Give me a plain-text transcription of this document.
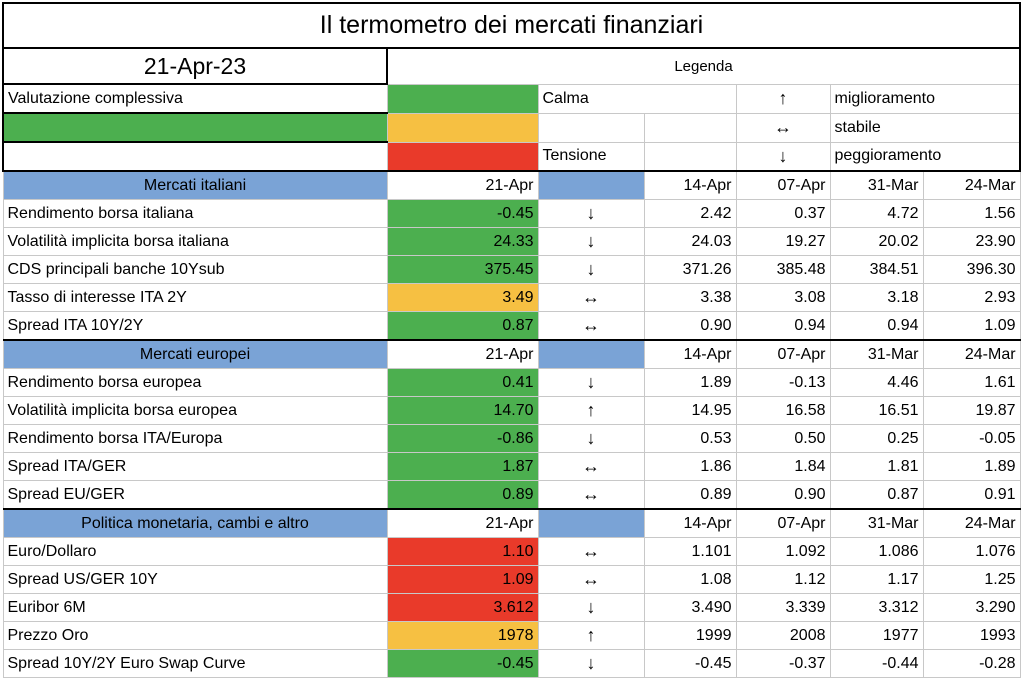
Il termometro dei mercati finanziari						
21-Apr-23	Legenda					
Valutazione complessiva		Calma		↑	miglioramento	
				↔	stabile	
		Tensione		↓	peggioramento	
Mercati italiani	21-Apr		14-Apr	07-Apr	31-Mar	24-Mar
Rendimento borsa italiana	-0.45	↓	2.42	0.37	4.72	1.56
Volatilità implicita borsa italiana	24.33	↓	24.03	19.27	20.02	23.90
CDS principali banche 10Ysub	375.45	↓	371.26	385.48	384.51	396.30
Tasso di interesse ITA 2Y	3.49	↔	3.38	3.08	3.18	2.93
Spread ITA 10Y/2Y	0.87	↔	0.90	0.94	0.94	1.09
Mercati europei	21-Apr		14-Apr	07-Apr	31-Mar	24-Mar
Rendimento borsa europea	0.41	↓	1.89	-0.13	4.46	1.61
Volatilità implicita borsa europea	14.70	↑	14.95	16.58	16.51	19.87
Rendimento borsa ITA/Europa	-0.86	↓	0.53	0.50	0.25	-0.05
Spread ITA/GER	1.87	↔	1.86	1.84	1.81	1.89
Spread EU/GER	0.89	↔	0.89	0.90	0.87	0.91
Politica monetaria, cambi e altro	21-Apr		14-Apr	07-Apr	31-Mar	24-Mar
Euro/Dollaro	1.10	↔	1.101	1.092	1.086	1.076
Spread US/GER 10Y	1.09	↔	1.08	1.12	1.17	1.25
Euribor 6M	3.612	↓	3.490	3.339	3.312	3.290
Prezzo Oro	1978	↑	1999	2008	1977	1993
Spread 10Y/2Y Euro Swap Curve	-0.45	↓	-0.45	-0.37	-0.44	-0.28
